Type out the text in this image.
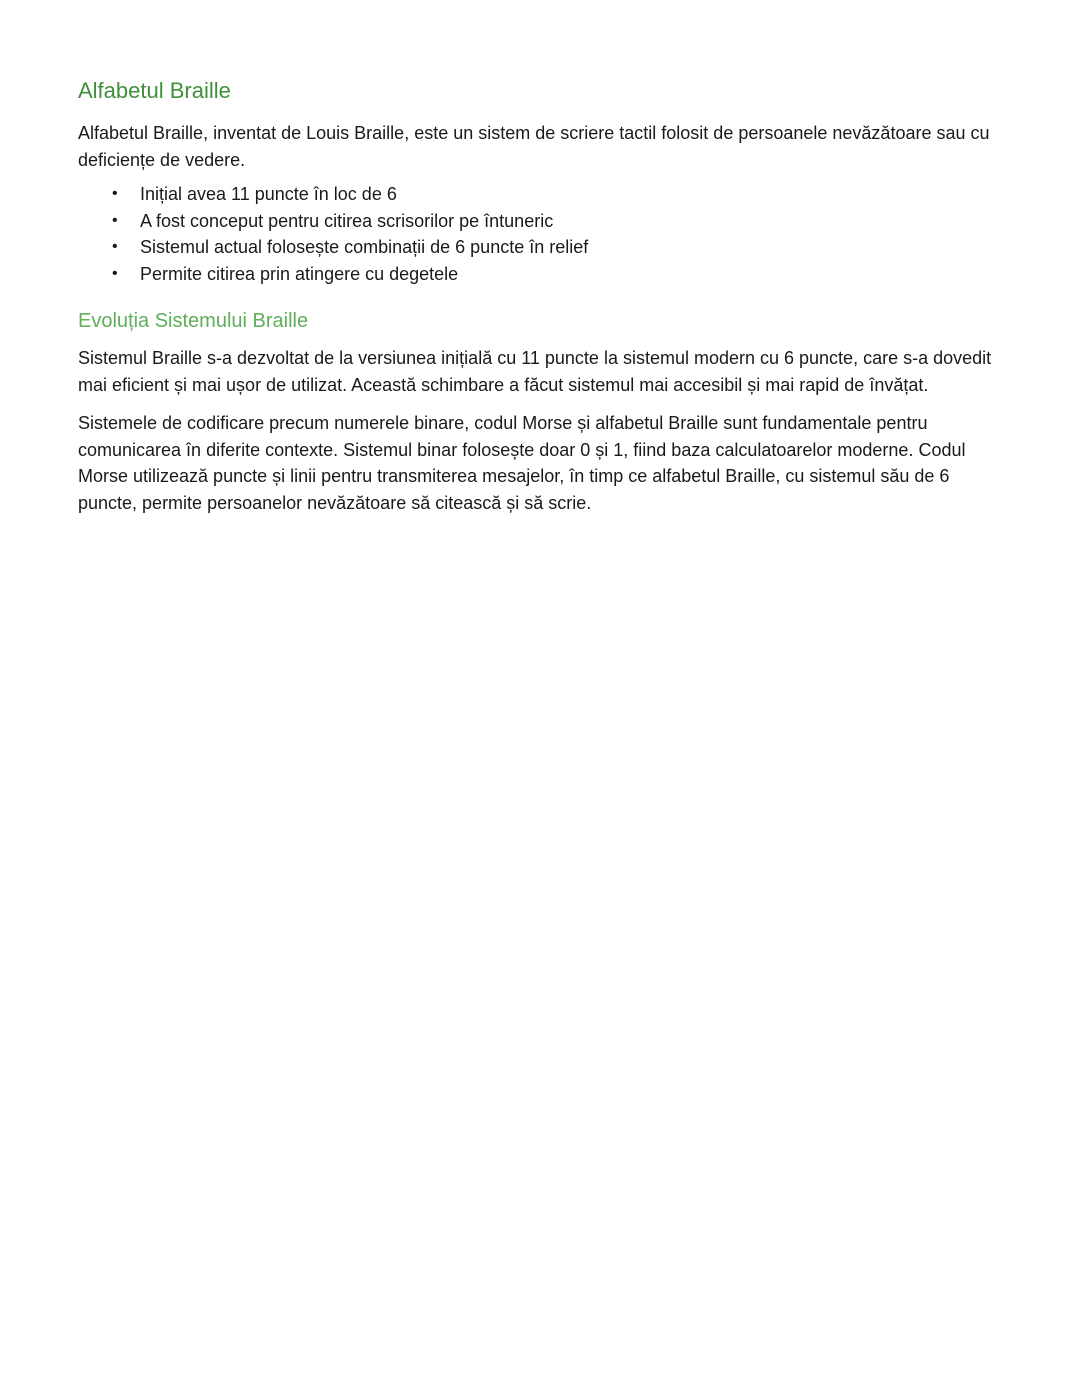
Alfabetul Braille

Alfabetul Braille, inventat de Louis Braille, este un sistem de scriere tactil folosit de persoanele nevăzătoare sau cu deficiențe de vedere.

• Inițial avea 11 puncte în loc de 6
• A fost conceput pentru citirea scrisorilor pe întuneric
• Sistemul actual folosește combinații de 6 puncte în relief
• Permite citirea prin atingere cu degetele
Evoluția Sistemului Braille

Sistemul Braille s-a dezvoltat de la versiunea inițială cu 11 puncte la sistemul modern cu 6 puncte, care s-a dovedit mai eficient și mai ușor de utilizat. Această schimbare a făcut sistemul mai accesibil și mai rapid de învățat.

Sistemele de codificare precum numerele binare, codul Morse și alfabetul Braille sunt fundamentale pentru comunicarea în diferite contexte. Sistemul binar folosește doar 0 și 1, fiind baza calculatoarelor moderne. Codul Morse utilizează puncte și linii pentru transmiterea mesajelor, în timp ce alfabetul Braille, cu sistemul său de 6 puncte, permite persoanelor nevăzătoare să citească și să scrie.
